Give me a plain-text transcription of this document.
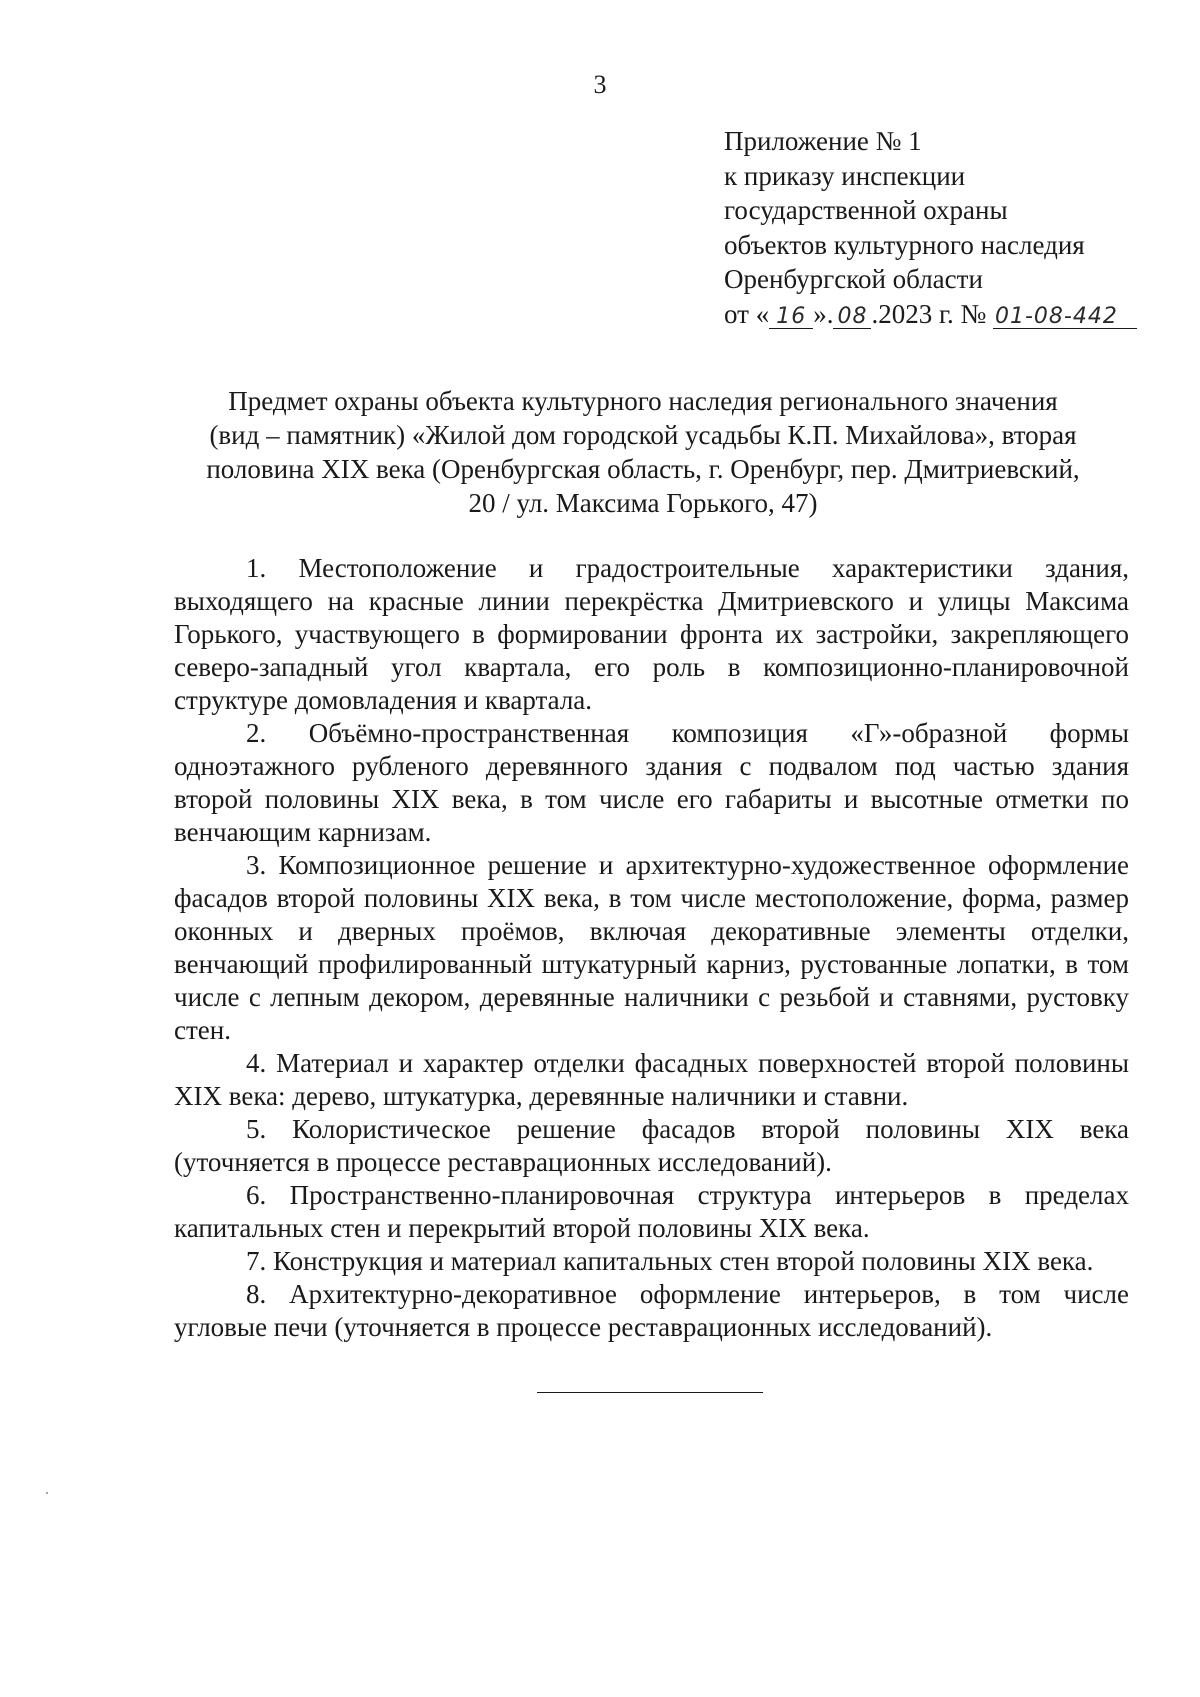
3
Приложение № 1
к приказу инспекции
государственной охраны
объектов культурного наследия
Оренбургской области
от « 16 ». 08 .2023 г. № 01-08-442
Предмет охраны объекта культурного наследия регионального значения
(вид – памятник) «Жилой дом городской усадьбы К.П. Михайлова», вторая
половина XIX века (Оренбургская область, г. Оренбург, пер. Дмитриевский,
20 / ул. Максима Горького, 47)

1. Местоположение и градостроительные характеристики здания, выходящего на красные линии перекрёстка Дмитриевского и улицы Максима Горького, участвующего в формировании фронта их застройки, закрепляющего северо-западный угол квартала, его роль в композиционно-планировочной структуре домовладения и квартала.

2. Объёмно-пространственная композиция «Г»-образной формы одноэтажного рубленого деревянного здания с подвалом под частью здания второй половины XIX века, в том числе его габариты и высотные отметки по венчающим карнизам.

3. Композиционное решение и архитектурно-художественное оформление фасадов второй половины XIX века, в том числе местоположение, форма, размер оконных и дверных проёмов, включая декоративные элементы отделки, венчающий профилированный штукатурный карниз, рустованные лопатки, в том числе с лепным декором, деревянные наличники с резьбой и ставнями, рустовку стен.

4. Материал и характер отделки фасадных поверхностей второй половины XIX века: дерево, штукатурка, деревянные наличники и ставни.

5. Колористическое решение фасадов второй половины XIX века (уточняется в процессе реставрационных исследований).

6. Пространственно-планировочная структура интерьеров в пределах капитальных стен и перекрытий второй половины XIX века.

7. Конструкция и материал капитальных стен второй половины XIX века.

8. Архитектурно-декоративное оформление интерьеров, в том числе угловые печи (уточняется в процессе реставрационных исследований).
